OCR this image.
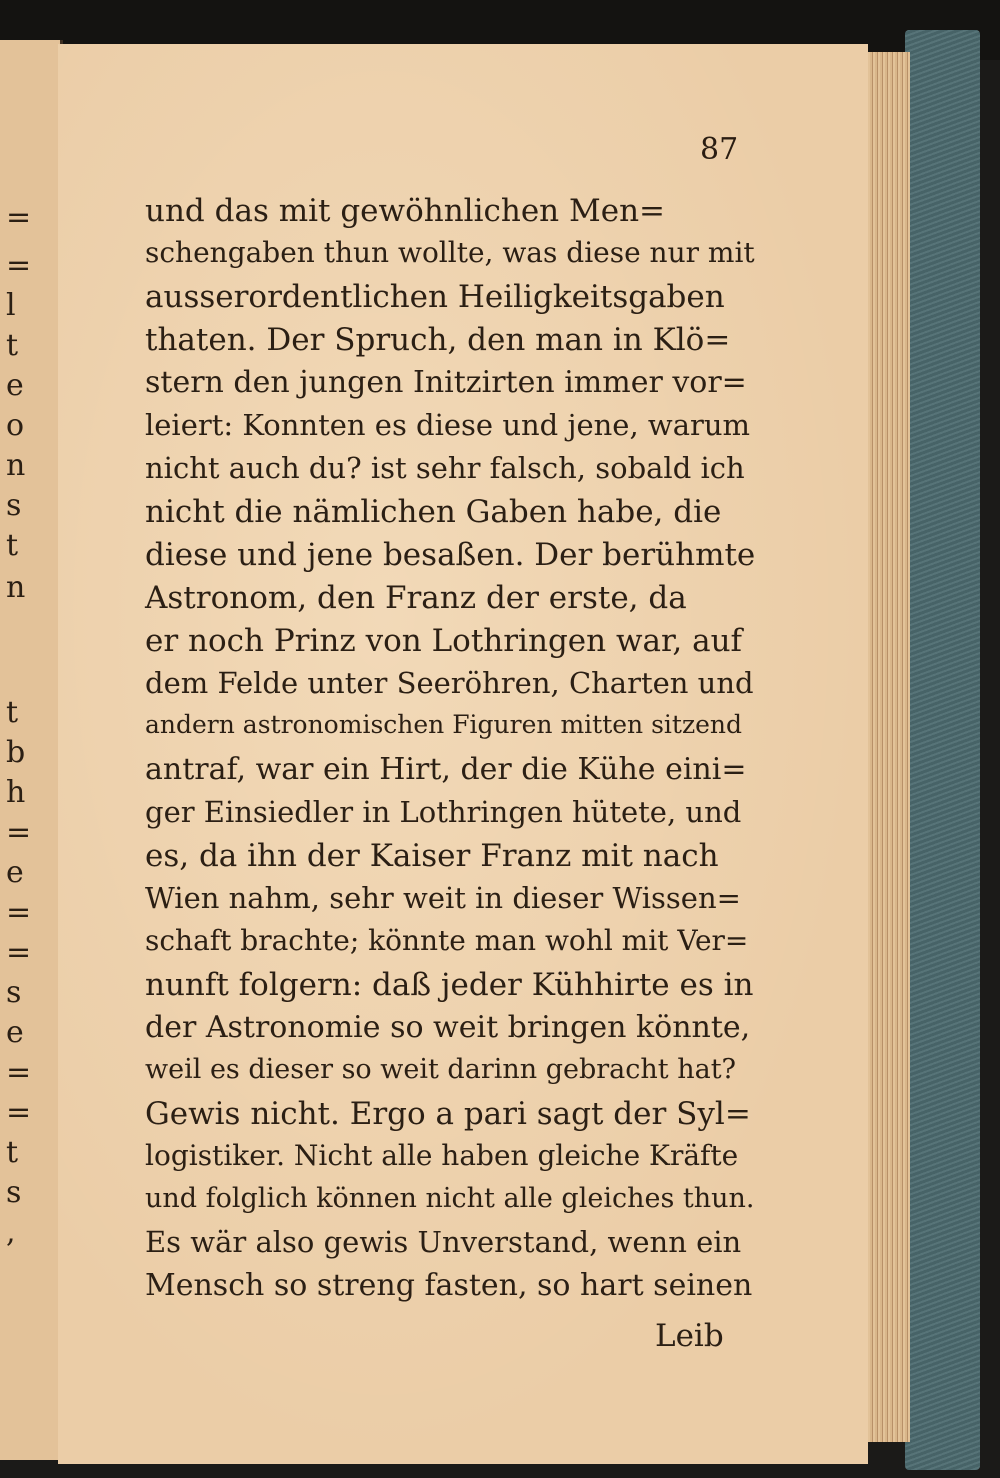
=
=
l
t
e
o
n
s
t
n
t
b
h
=
e
=
=
s
e
=
=
t
s
,
87
und das mit gewöhnlichen Men=
schengaben thun wollte, was diese nur mit
ausserordentlichen Heiligkeitsgaben
thaten. Der Spruch, den man in Klö=
stern den jungen Initzirten immer vor=
leiert: Konnten es diese und jene, warum
nicht auch du? ist sehr falsch, sobald ich
nicht die nämlichen Gaben habe, die
diese und jene besaßen. Der berühmte
Astronom, den Franz der erste, da
er noch Prinz von Lothringen war, auf
dem Felde unter Seeröhren, Charten und
andern astronomischen Figuren mitten sitzend
antraf, war ein Hirt, der die Kühe eini=
ger Einsiedler in Lothringen hütete, und
es, da ihn der Kaiser Franz mit nach
Wien nahm, sehr weit in dieser Wissen=
schaft brachte; könnte man wohl mit Ver=
nunft folgern: daß jeder Kühhirte es in
der Astronomie so weit bringen könnte,
weil es dieser so weit darinn gebracht hat?
Gewis nicht. Ergo a pari sagt der Syl=
logistiker. Nicht alle haben gleiche Kräfte
und folglich können nicht alle gleiches thun.
Es wär also gewis Unverstand, wenn ein
Mensch so streng fasten, so hart seinen
Leib
